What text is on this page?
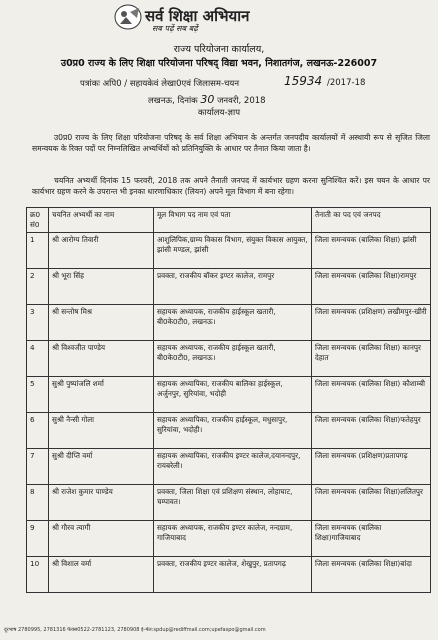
सर्व शिक्षा अभियान
सब पढ़ें सब बढ़ें
राज्य परियोजना कार्यालय,
उ0प्र0 राज्य के लिए शिक्षा परियोजना परिषद् विद्या भवन, निशातगंज, लखनऊ-226007
पत्रांकः अपि0 / सहायकेवं लेखा0एवं जिलासम-चयन	15934 /2017-18
लखनऊ, दिनांक 30 जनवरी, 2018
कार्यालय-ज्ञाप
उ0प्र0 राज्य के लिए शिक्षा परियोजना परिषद् के सर्व शिक्षा अभियान के अन्तर्गत जनपदीय कार्यालयों में अस्थायी रूप से सृजित जिला समन्वयक के रिक्त पदों पर निम्नलिखित अभ्यर्थियों को प्रतिनियुक्ति के आधार पर तैनात किया जाता है।
चयनित अभ्यर्थी दिनांक 15 फरवरी, 2018 तक अपने तैनाती जनपद में कार्यभार ग्रहण करना सुनिश्चित करें। इस चयन के आधार पर कार्यभार ग्रहण करने के उपरान्त भी इनका धारणाधिकार (लियन) अपने मूल विभाग में बना रहेगा।
क्र0 सं0	चयनित अभ्यर्थी का नाम	मूल विभाग पद नाम एवं पता	तैनाती का पद एवं जनपद
1	श्री आरोग्य तिवारी	आशुलिपिक,ग्राम्य विकास विभाग, संयुक्त विकास आयुक्त, झांसी मण्डल, झांसी	जिला समन्वयक (बालिका शिक्षा) झांसी
2	श्री भूरा सिंह	प्रवक्ता, राजकीय बॉकर इण्टर कालेज, रामपुर	जिला समन्वयक (बालिका शिक्षा)रामपुर
3	श्री सन्तोष मिश्र	सहायक अध्यापक, राजकीय हाईस्कूल खतारी, बी0के0टी0, लखनऊ।	जिला समन्वयक (प्रशिक्षण) लखीमपुर-खीरी
4	श्री विश्वजीत पाण्डेय	सहायक अध्यापक, राजकीय हाईस्कूल खतारी, बी0के0टी0, लखनऊ।	जिला समन्वयक (बालिका शिक्षा) कानपुर देहात
5	सुश्री पुष्पांजलि शर्मा	सहायक अध्यापिका, राजकीय बालिका हाईस्कूल, अर्जुनपुर, सुरियांवा, भदोही	जिला समन्वयक (बालिका शिक्षा) कौशाम्बी
6	सुश्री नैन्सी गोला	सहायक अध्यापिका, राजकीय हाईस्कूल, मधुसापुर, सुरियांवा, भदोही।	जिला समन्वयक (बालिका शिक्षा)फतेहपुर
7	सुश्री दीप्ति वर्मा	सहायक अध्यापिका, राजकीय इण्टर कालेज,दयानन्दपुर, रायबरेली।	जिला समन्वयक (प्रशिक्षण)प्रतापगढ़
8	श्री राजेश कुमार पाण्डेय	प्रवक्ता, जिला शिक्षा एवं प्रशिक्षण संस्थान, लोहाघाट, चम्पावत।	जिला समन्वयक (बालिका शिक्षा)ललितपुर
9	श्री गौरव त्यागी	सहायक अध्यापक, राजकीय इण्टर कालेज, नन्दग्राम, गाजियाबाद	जिला समन्वयक (बालिका शिक्षा)गाजियाबाद
10	श्री विशाल वर्मा	प्रवक्ता, राजकीय इण्टर कालेज, शेखुपुर, प्रतापगढ़	जिला समन्वयक (बालिका शिक्षा)बांदा
दूरभाष 2780995, 2781316 फैक्स0522-2781123, 2780908 ई-मेल:spdup@rediffmail.com;upefaspo@gmail.com
